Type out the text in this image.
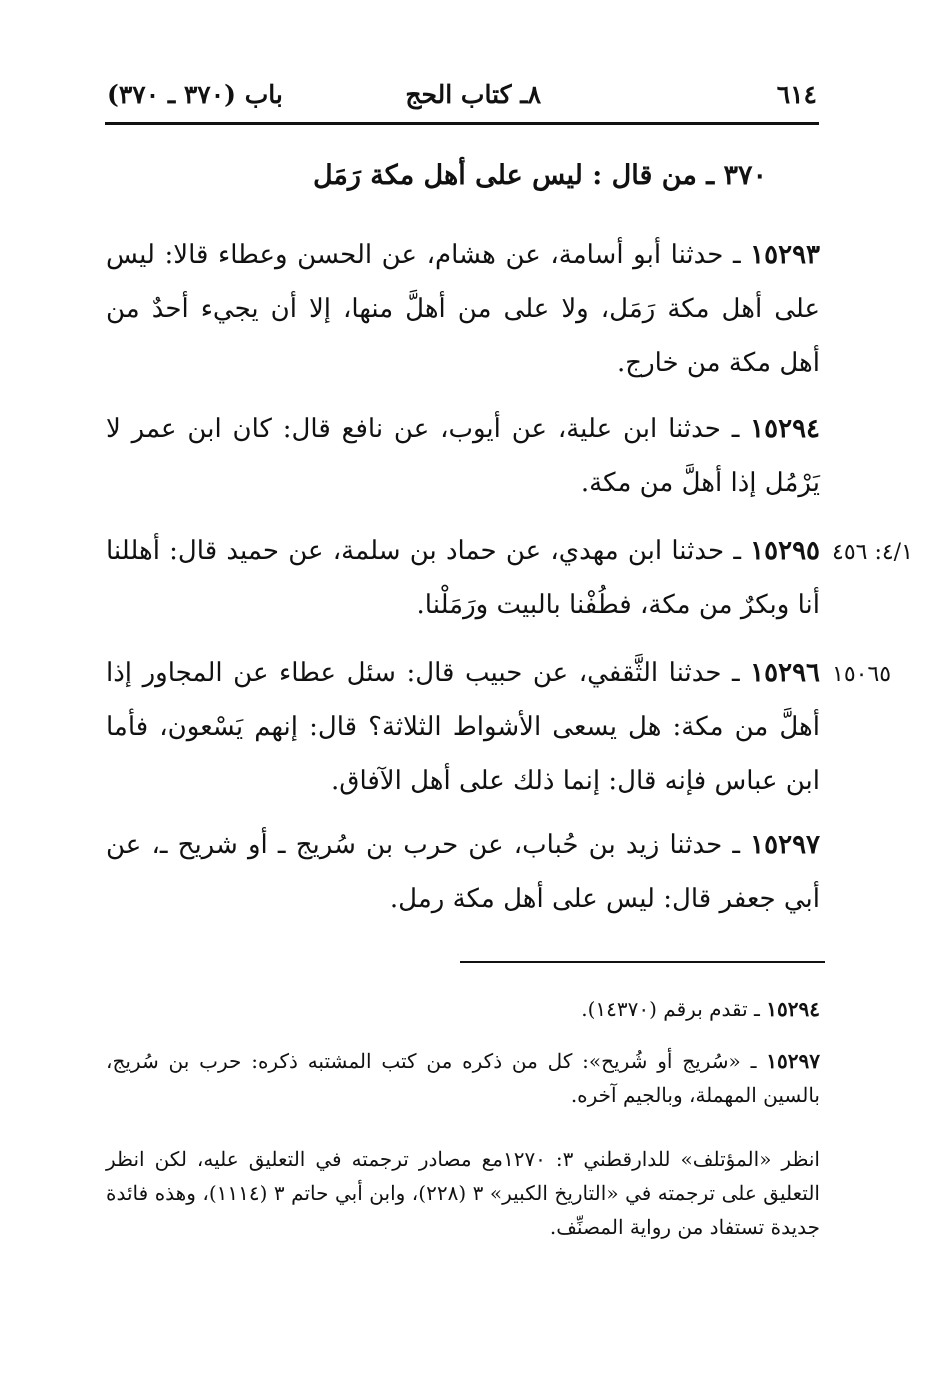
٦١٤
٨ـ كتاب الحج
باب (٣٧٠ ـ ٣٧٠)
٣٧٠ ـ من قال : ليس على أهل مكة رَمَل
١٥٢٩٣ ـ حدثنا أبو أسامة، عن هشام، عن الحسن وعطاء قالا: ليس على أهل مكة رَمَل، ولا على من أهلَّ منها، إلا أن يجيء أحدٌ من أهل مكة من خارج.
١٥٢٩٤ ـ حدثنا ابن علية، عن أيوب، عن نافع قال: كان ابن عمر لا يَرْمُل إذا أهلَّ من مكة.
٤/١: ٤٥٦
١٥٢٩٥ ـ حدثنا ابن مهدي، عن حماد بن سلمة، عن حميد قال: أهللنا أنا وبكرٌ من مكة، فطُفْنا بالبيت ورَمَلْنا.
١٥٠٦٥
١٥٢٩٦ ـ حدثنا الثَّقفي، عن حبيب قال: سئل عطاء عن المجاور إذا أهلَّ من مكة: هل يسعى الأشواط الثلاثة؟ قال: إنهم يَسْعون، فأما ابن عباس فإنه قال: إنما ذلك على أهل الآفاق.
١٥٢٩٧ ـ حدثنا زيد بن حُباب، عن حرب بن سُريج ـ أو شريح ـ، عن أبي جعفر قال: ليس على أهل مكة رمل.
١٥٢٩٤ ـ تقدم برقم (١٤٣٧٠).
١٥٢٩٧ ـ «سُريج أو شُريح»: كل من ذكره من كتب المشتبه ذكره: حرب بن سُريج، بالسين المهملة، وبالجيم آخره.
انظر «المؤتلف» للدارقطني ٣: ١٢٧٠مع مصادر ترجمته في التعليق عليه، لكن انظر التعليق على ترجمته في «التاريخ الكبير» ٣ (٢٢٨)، وابن أبي حاتم ٣ (١١١٤)، وهذه فائدة جديدة تستفاد من رواية المصنِّف.
